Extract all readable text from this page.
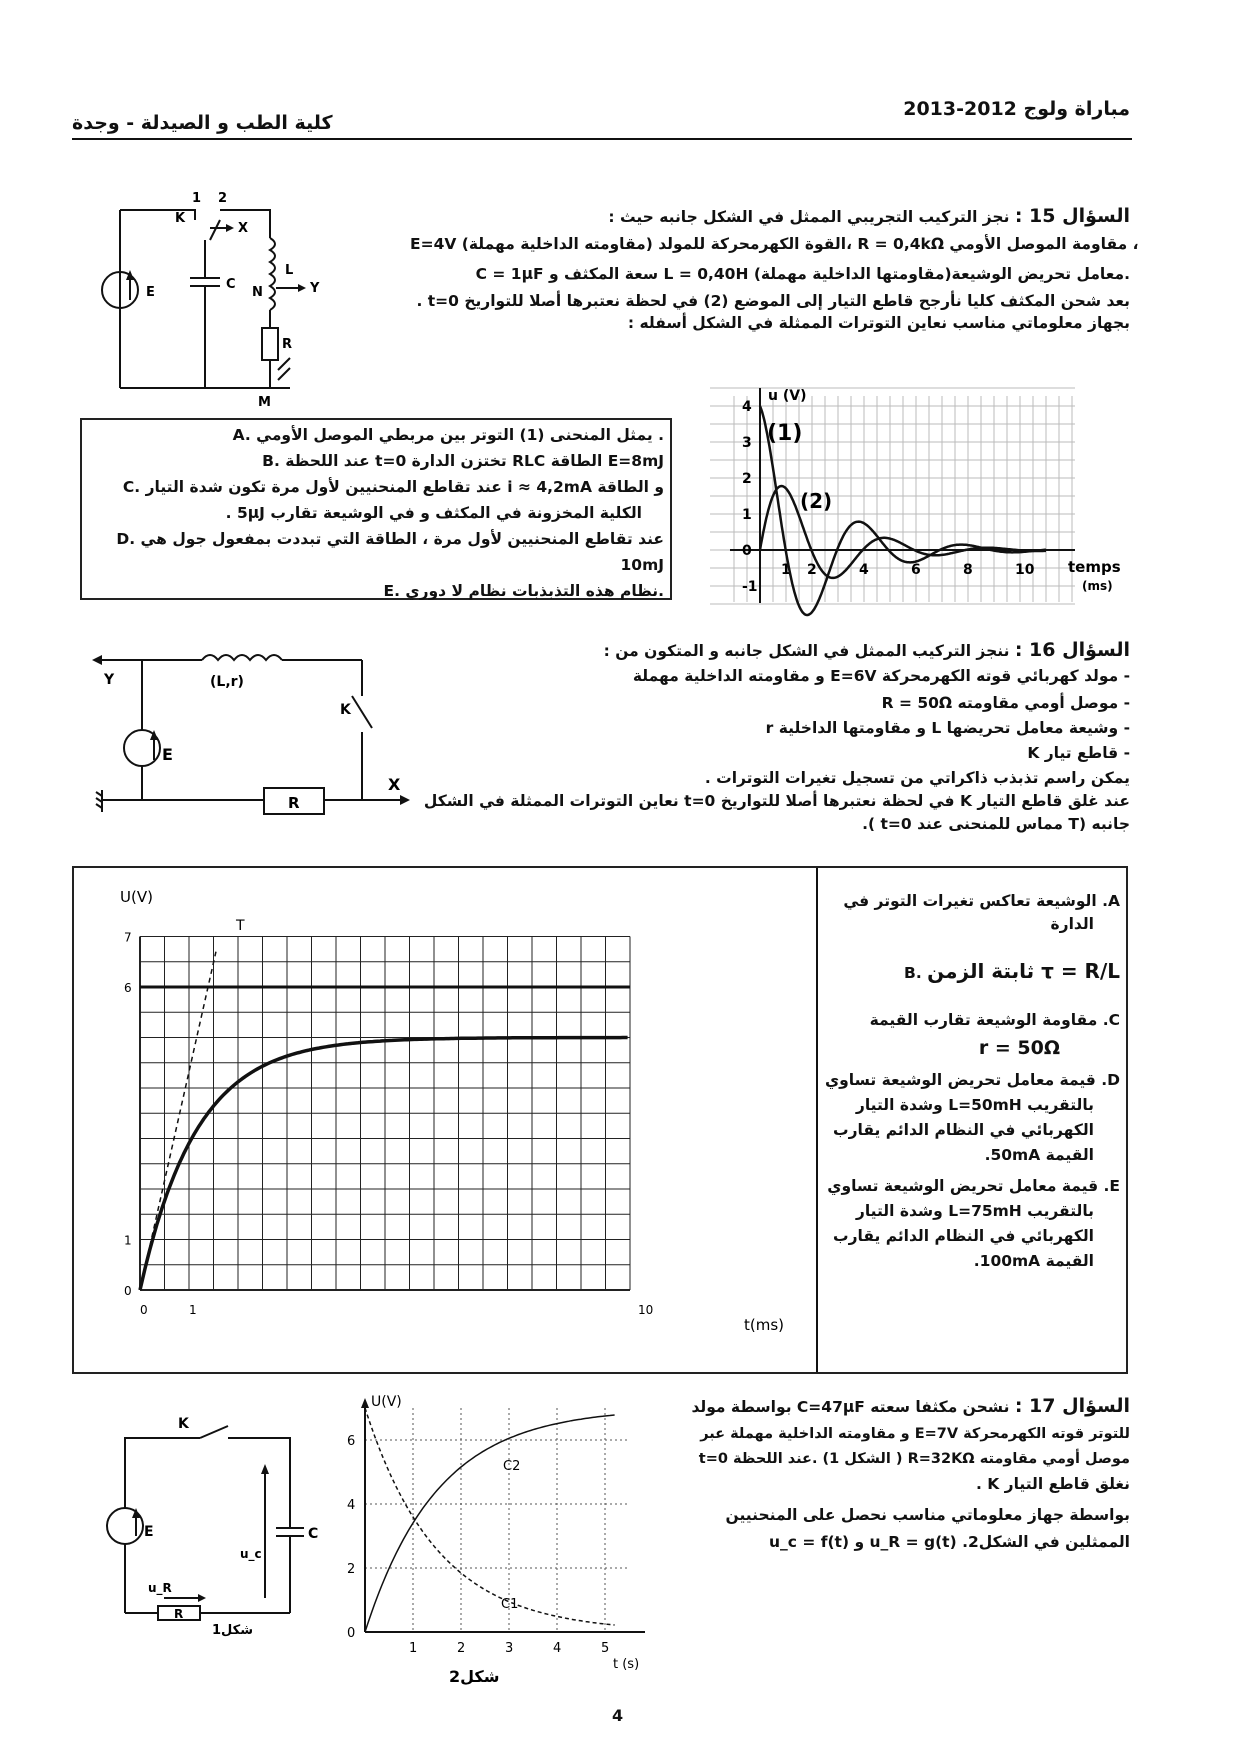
مباراة ولوج 2012-2013
كلية الطب و الصيدلة - وجدة
السؤال 15 : نجز التركيب التجريبي الممثل في الشكل جانبه حيث :
E=4V القوة الكهرمحركة للمولد (مقاومته الداخلية مهملة)، R = 0,4kΩ مقاومة الموصل الأومي ،
C = 1μF سعة المكثف و L = 0,40H معامل تحريض الوشيعة(مقاومتها الداخلية مهملة).
بعد شحن المكثف كليا نأرجح قاطع التيار إلى الموضع (2) في لحظة نعتبرها أصلا للتواريخ t=0 .
بجهاز معلوماتي مناسب نعاين التوترات الممثلة في الشكل أسفله :
1 2
K
X
C
L
E	N	Y
R
M
A. يمثل المنحنى (1) التوتر بين مربطي الموصل الأومي .
B. عند اللحظة t=0 تختزن الدارة RLC الطاقة E=8mJ
C. عند تقاطع المنحنيين لأول مرة تكون شدة التيار i ≈ 4,2mA و الطاقة
الكلية المخزونة في المكثف و في الوشيعة تقارب 5μJ .
D. عند تقاطع المنحنيين لأول مرة ، الطاقة التي تبددت بمفعول جول هي 10mJ
E. نظام هذه التذبذبات نظام لا دوري.
u (V)
temps
(ms)
(1)
(2)
4
3
2
1
0
-1
1 2	4	6	8	10
السؤال 16 : ننجز التركيب الممثل في الشكل جانبه و المتكون من :
- مولد كهربائي قوته الكهرمحركة E=6V و مقاومته الداخلية مهملة
- موصل أومي مقاومته R = 50Ω
- وشيعة معامل تحريضها L و مقاومتها الداخلية r
- قاطع تيار K
يمكن راسم تذبذب ذاكراتي من تسجيل تغيرات التوترات .
عند غلق قاطع التيار K في لحظة نعتبرها أصلا للتواريخ t=0 نعاين التوترات الممثلة في الشكل
جانبه (T مماس للمنحنى عند t=0 ).
(L,r)
Y
K
E
R
X
U(V)
t(ms)
T
7
6
1
0
0	1	10
A. الوشيعة تعاكس تغيرات التوتر في
الدارة
B. ثابتة الزمن τ = R/L
C. مقاومة الوشيعة تقارب القيمة
r = 50Ω
D. قيمة معامل تحريض الوشيعة تساوي
بالتقريب L=50mH وشدة التيار
الكهربائي في النظام الدائم يقارب
القيمة 50mA.
E. قيمة معامل تحريض الوشيعة تساوي
بالتقريب L=75mH وشدة التيار
الكهربائي في النظام الدائم يقارب
القيمة 100mA.
السؤال 17 : نشحن مكثفا سعته C=47μF بواسطة مولد
للتوتر قوته الكهرمحركة E=7V و مقاومته الداخلية مهملة عبر
موصل أومي مقاومته R=32KΩ ( الشكل 1) .عند اللحظة t=0
نغلق قاطع التيار K .
بواسطة جهاز معلوماتي مناسب نحصل على المنحنيين
الممثلين في الشكل2. u_R = g(t) و u_c = f(t)
K
E	C
u_c
u_R
R
شكل1
U(V)
t (s)
شكل2
C1
C2
6
4
2
0
1	2	3	4	5
4
